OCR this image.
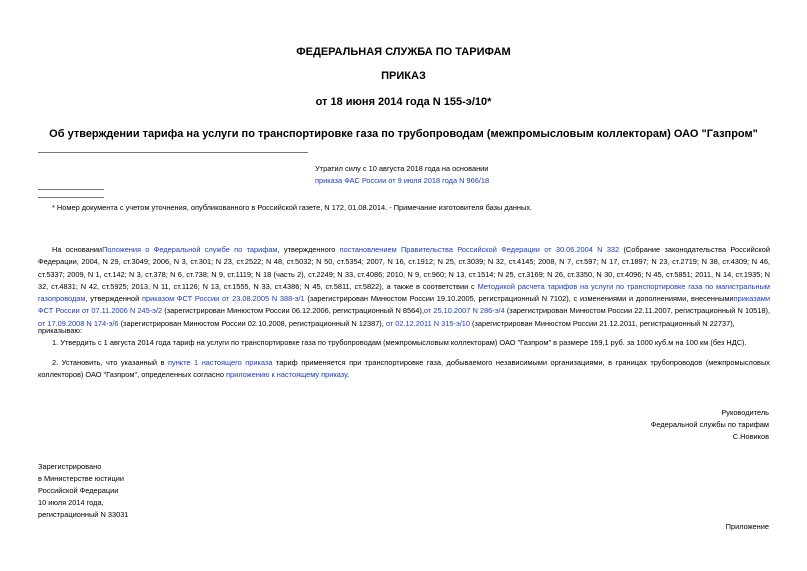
ФЕДЕРАЛЬНАЯ СЛУЖБА ПО ТАРИФАМ
ПРИКАЗ
от 18 июня 2014 года N 155-э/10*
Об утверждении тарифа на услуги по транспортировке газа по трубопроводам (межпромысловым коллекторам) ОАО "Газпром"
Утратил силу с 10 августа 2018 года на основании
приказа ФАС России от 9 июля 2018 года N 966/18
* Номер документа с учетом уточнения, опубликованного в Российской газете, N 172, 01.08.2014. - Примечание изготовителя базы данных.
На основанииПоложения о Федеральной службе по тарифам, утвержденного постановлением Правительства Российской Федерации от 30.06.2004 N 332 (Собрание законодательства Российской Федерации, 2004, N 29, ст.3049; 2006, N 3, ст.301; N 23, ст.2522; N 48, ст.5032; N 50, ст.5354; 2007, N 16, ст.1912; N 25, ст.3039; N 32, ст.4145; 2008, N 7, ст.597; N 17, ст.1897; N 23, ст.2719; N 38, ст.4309; N 46, ст.5337; 2009, N 1, ст.142; N 3, ст.378; N 6, ст.738; N 9, ст.1119; N 18 (часть 2), ст.2249; N 33, ст.4086; 2010, N 9, ст.960; N 13, ст.1514; N 25, ст.3169; N 26, ст.3350, N 30, ст.4096; N 45, ст.5851; 2011, N 14, ст.1935; N 32, ст.4831; N 42, ст.5925; 2013, N 11, ст.1126; N 13, ст.1555, N 33, ст.4386; N 45, ст.5811, ст.5822), а также в соответствии с Методикой расчета тарифов на услуги по транспортировке газа по магистральным газопроводам, утвержденной приказом ФСТ России от 23.08.2005 N 388-э/1 (зарегистрирован Минюстом России 19.10.2005, регистрационный N 7102), с изменениями и дополнениями, внесеннымиприказами ФСТ России от 07.11.2006 N 245-э/2 (зарегистрирован Минюстом России 06.12.2006, регистрационный N 8564),от 25.10.2007 N 286-э/4 (зарегистрирован Минюстом России 22.11.2007, регистрационный N 10518), от 17.09.2008 N 174-э/6 (зарегистрирован Минюстом России 02.10.2008, регистрационный N 12387), от 02.12.2011 N 315-э/10 (зарегистрирован Минюстом России 21.12.2011, регистрационный N 22737),
приказываю:
1. Утвердить с 1 августа 2014 года тариф на услуги по транспортировке газа по трубопроводам (межпромысловым коллекторам) ОАО "Газпром" в размере 159,1 руб. за 1000 куб.м на 100 км (без НДС).
2. Установить, что указанный в пункте 1 настоящего приказа тариф применяется при транспортировке газа, добываемого независимыми организациями, в границах трубопроводов (межпромысловых коллекторов) ОАО "Газпром", определенных согласно приложению к настоящему приказу.
Руководитель
Федеральной службы по тарифам
С.Новиков
Зарегистрировано
в Министерстве юстиции
Российской Федерации
10 июля 2014 года,
регистрационный N 33031
Приложение
